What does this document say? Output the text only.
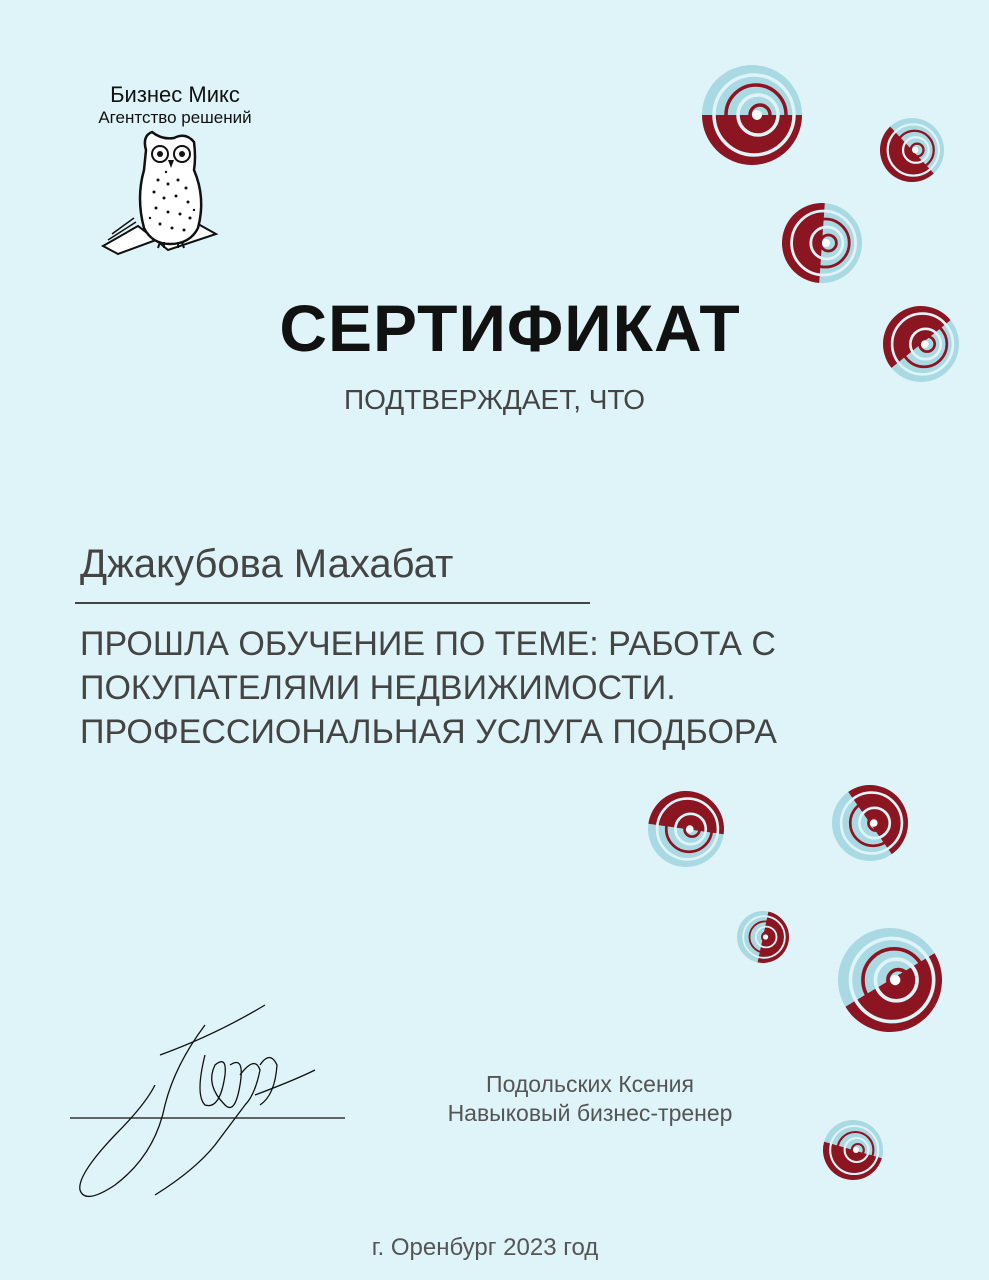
Бизнес Микс
Агентство решений
СЕРТИФИКАТ
ПОДТВЕРЖДАЕТ, ЧТО
Джакубова Махабат
ПРОШЛА ОБУЧЕНИЕ ПО ТЕМЕ: РАБОТА С
ПОКУПАТЕЛЯМИ НЕДВИЖИМОСТИ.
ПРОФЕССИОНАЛЬНАЯ УСЛУГА ПОДБОРА
Подольских Ксения
Навыковый бизнес-тренер
г. Оренбург 2023 год
